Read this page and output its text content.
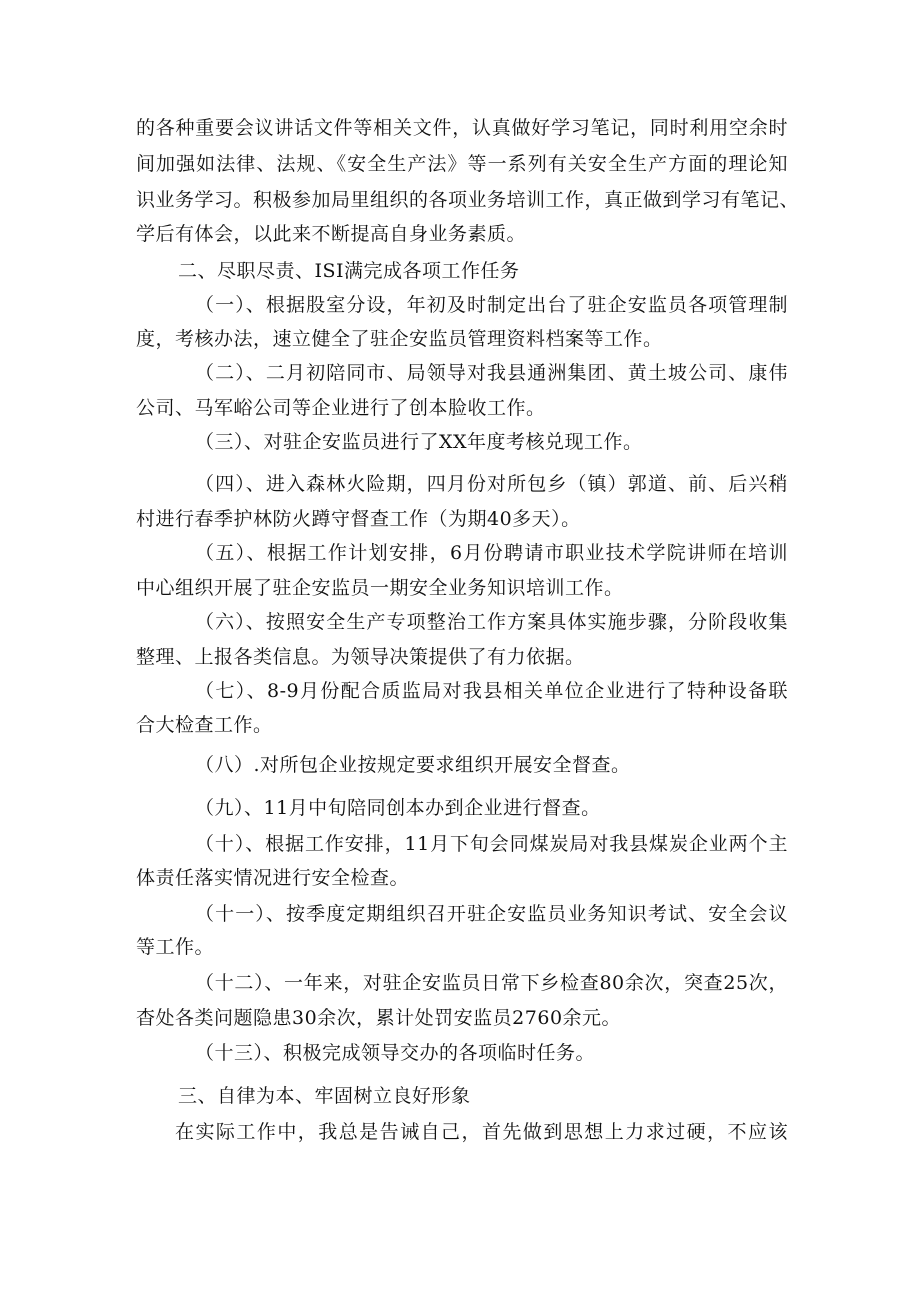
的各种重要会议讲话文件等相关文件，认真做好学习笔记，同时利用空余时
间加强如法律、法规、《安全生产法》等一系列有关安全生产方面的理论知
识业务学习。积极参加局里组织的各项业务培训工作，真正做到学习有笔记、
学后有体会，以此来不断提高自身业务素质。
二、尽职尽责、ISI满完成各项工作任务
（一）、根据股室分设，年初及时制定出台了驻企安监员各项管理制
度，考核办法，速立健全了驻企安监员管理资料档案等工作。
（二）、二月初陪同市、局领导对我县通洲集团、黄土坡公司、康伟
公司、马军峪公司等企业进行了创本脸收工作。
（三）、对驻企安监员进行了XX年度考核兑现工作。
（四）、进入森林火险期，四月份对所包乡（镇）郭道、前、后兴稍
村进行春季护林防火蹲守督查工作（为期40多天）。
（五）、根据工作计划安排，6月份聘请市职业技术学院讲师在培训
中心组织开展了驻企安监员一期安全业务知识培训工作。
（六）、按照安全生产专项整治工作方案具体实施步骤，分阶段收集
整理、上报各类信息。为领导决策提供了有力依据。
（七）、8-9月份配合质监局对我县相关单位企业进行了特种设备联
合大检查工作。
（八）.对所包企业按规定要求组织开展安全督查。
（九）、11月中旬陪同创本办到企业进行督查。
（十）、根据工作安排，11月下旬会同煤炭局对我县煤炭企业两个主
体责任落实情况进行安全检查。
（十一）、按季度定期组织召开驻企安监员业务知识考试、安全会议
等工作。
（十二）、一年来，对驻企安监员日常下乡检查80余次，突查25次，
杳处各类问题隐患30余次，累计处罚安监员2760余元。
（十三）、积极完成领导交办的各项临时任务。
三、自律为本、牢固树立良好形象
在实际工作中，我总是告诫自己，首先做到思想上力求过硬，不应该
